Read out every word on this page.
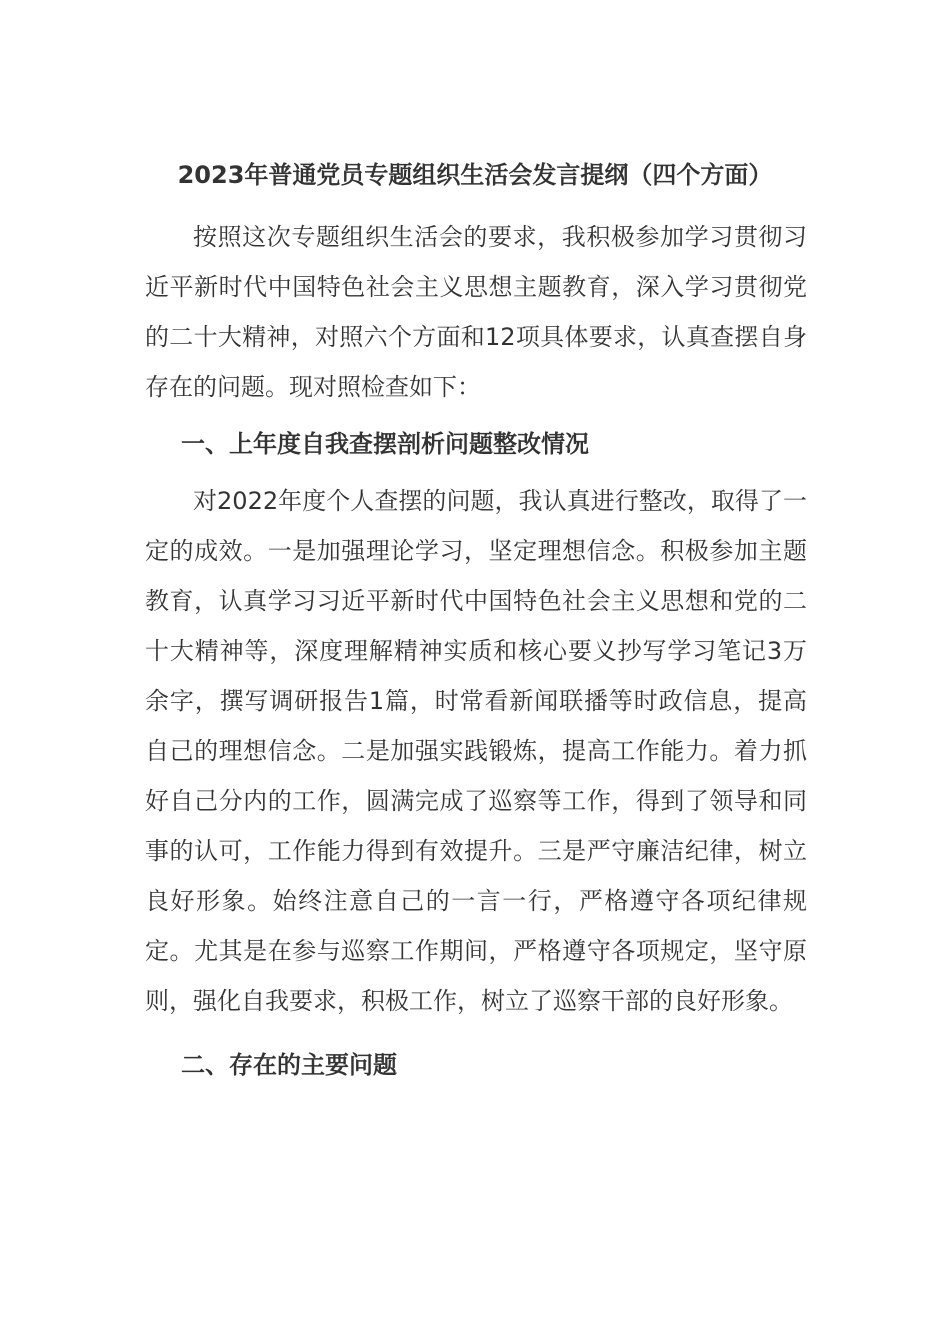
2023年普通党员专题组织生活会发言提纲（四个方面）

按照这次专题组织生活会的要求，我积极参加学习贯彻习近平新时代中国特色社会主义思想主题教育，深入学习贯彻党的二十大精神，对照六个方面和12项具体要求，认真查摆自身存在的问题。现对照检查如下：

一、上年度自我查摆剖析问题整改情况

对2022年度个人查摆的问题，我认真进行整改，取得了一定的成效。一是加强理论学习，坚定理想信念。积极参加主题教育，认真学习习近平新时代中国特色社会主义思想和党的二十大精神等，深度理解精神实质和核心要义抄写学习笔记3万余字，撰写调研报告1篇，时常看新闻联播等时政信息，提高自己的理想信念。二是加强实践锻炼，提高工作能力。着力抓好自己分内的工作，圆满完成了巡察等工作，得到了领导和同事的认可，工作能力得到有效提升。三是严守廉洁纪律，树立良好形象。始终注意自己的一言一行，严格遵守各项纪律规定。尤其是在参与巡察工作期间，严格遵守各项规定，坚守原则，强化自我要求，积极工作，树立了巡察干部的良好形象。

二、存在的主要问题
